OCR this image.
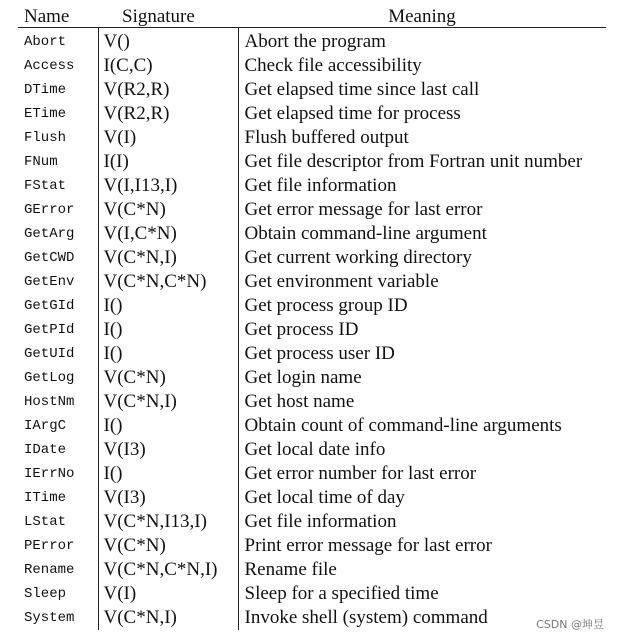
Name	Signature	Meaning
Abort	V()	Abort the program
Access	I(C,C)	Check file accessibility
DTime	V(R2,R)	Get elapsed time since last call
ETime	V(R2,R)	Get elapsed time for process
Flush	V(I)	Flush buffered output
FNum	I(I)	Get file descriptor from Fortran unit number
FStat	V(I,I13,I)	Get file information
GError	V(C*N)	Get error message for last error
GetArg	V(I,C*N)	Obtain command-line argument
GetCWD	V(C*N,I)	Get current working directory
GetEnv	V(C*N,C*N)	Get environment variable
GetGId	I()	Get process group ID
GetPId	I()	Get process ID
GetUId	I()	Get process user ID
GetLog	V(C*N)	Get login name
HostNm	V(C*N,I)	Get host name
IArgC	I()	Obtain count of command-line arguments
IDate	V(I3)	Get local date info
IErrNo	I()	Get error number for last error
ITime	V(I3)	Get local time of day
LStat	V(C*N,I13,I)	Get file information
PError	V(C*N)	Print error message for last error
Rename	V(C*N,C*N,I)	Rename file
Sleep	V(I)	Sleep for a specified time
System	V(C*N,I)	Invoke shell (system) command	CSDN @坤昱
